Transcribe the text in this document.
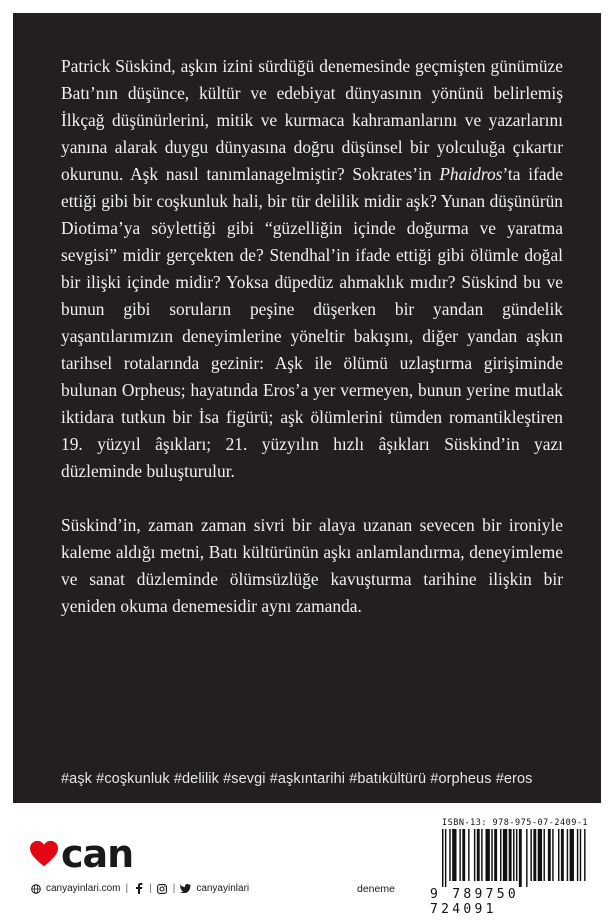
Patrick Süskind, aşkın izini sürdüğü denemesinde geçmişten günümüze Batı’nın düşünce, kültür ve edebiyat dünyasının yönünü belirlemiş İlkçağ düşünürlerini, mitik ve kurmaca kahramanlarını ve yazarlarını yanına alarak duygu dünyasına doğru düşünsel bir yolculuğa çıkartır okurunu. Aşk nasıl tanımlanagelmiştir? Sokrates’in Phaidros’ta ifade ettiği gibi bir coşkunluk hali, bir tür delilik midir aşk? Yunan düşünürün Diotima’ya söylettiği gibi “güzelliğin içinde doğurma ve yaratma sevgisi” midir gerçekten de? Stendhal’in ifade ettiği gibi ölümle doğal bir ilişki içinde midir? Yoksa düpedüz ahmaklık mıdır? Süskind bu ve bunun gibi soruların peşine düşerken bir yandan gündelik yaşantılarımızın deneyimlerine yöneltir bakışını, diğer yandan aşkın tarihsel rotalarında gezinir: Aşk ile ölümü uzlaştırma girişiminde bulunan Orpheus; hayatında Eros’a yer vermeyen, bunun yerine mutlak iktidara tutkun bir İsa figürü; aşk ölümlerini tümden romantikleştiren 19. yüzyıl âşıkları; 21. yüzyılın hızlı âşıkları Süskind’in yazı düzleminde buluşturulur.

Süskind’in, zaman zaman sivri bir alaya uzanan sevecen bir ironiyle kaleme aldığı metni, Batı kültürünün aşkı anlamlandırma, deneyimleme ve sanat düzleminde ölümsüzlüğe kavuşturma tarihine ilişkin bir yeniden okuma denemesidir aynı zamanda.

#aşk #coşkunluk #delilik #sevgi #aşkıntarihi #batıkültürü #orpheus #eros
can
canyayinlari.com | | | canyayinlari	deneme
ISBN-13: 978-975-07-2409-1
9 789750 724091
